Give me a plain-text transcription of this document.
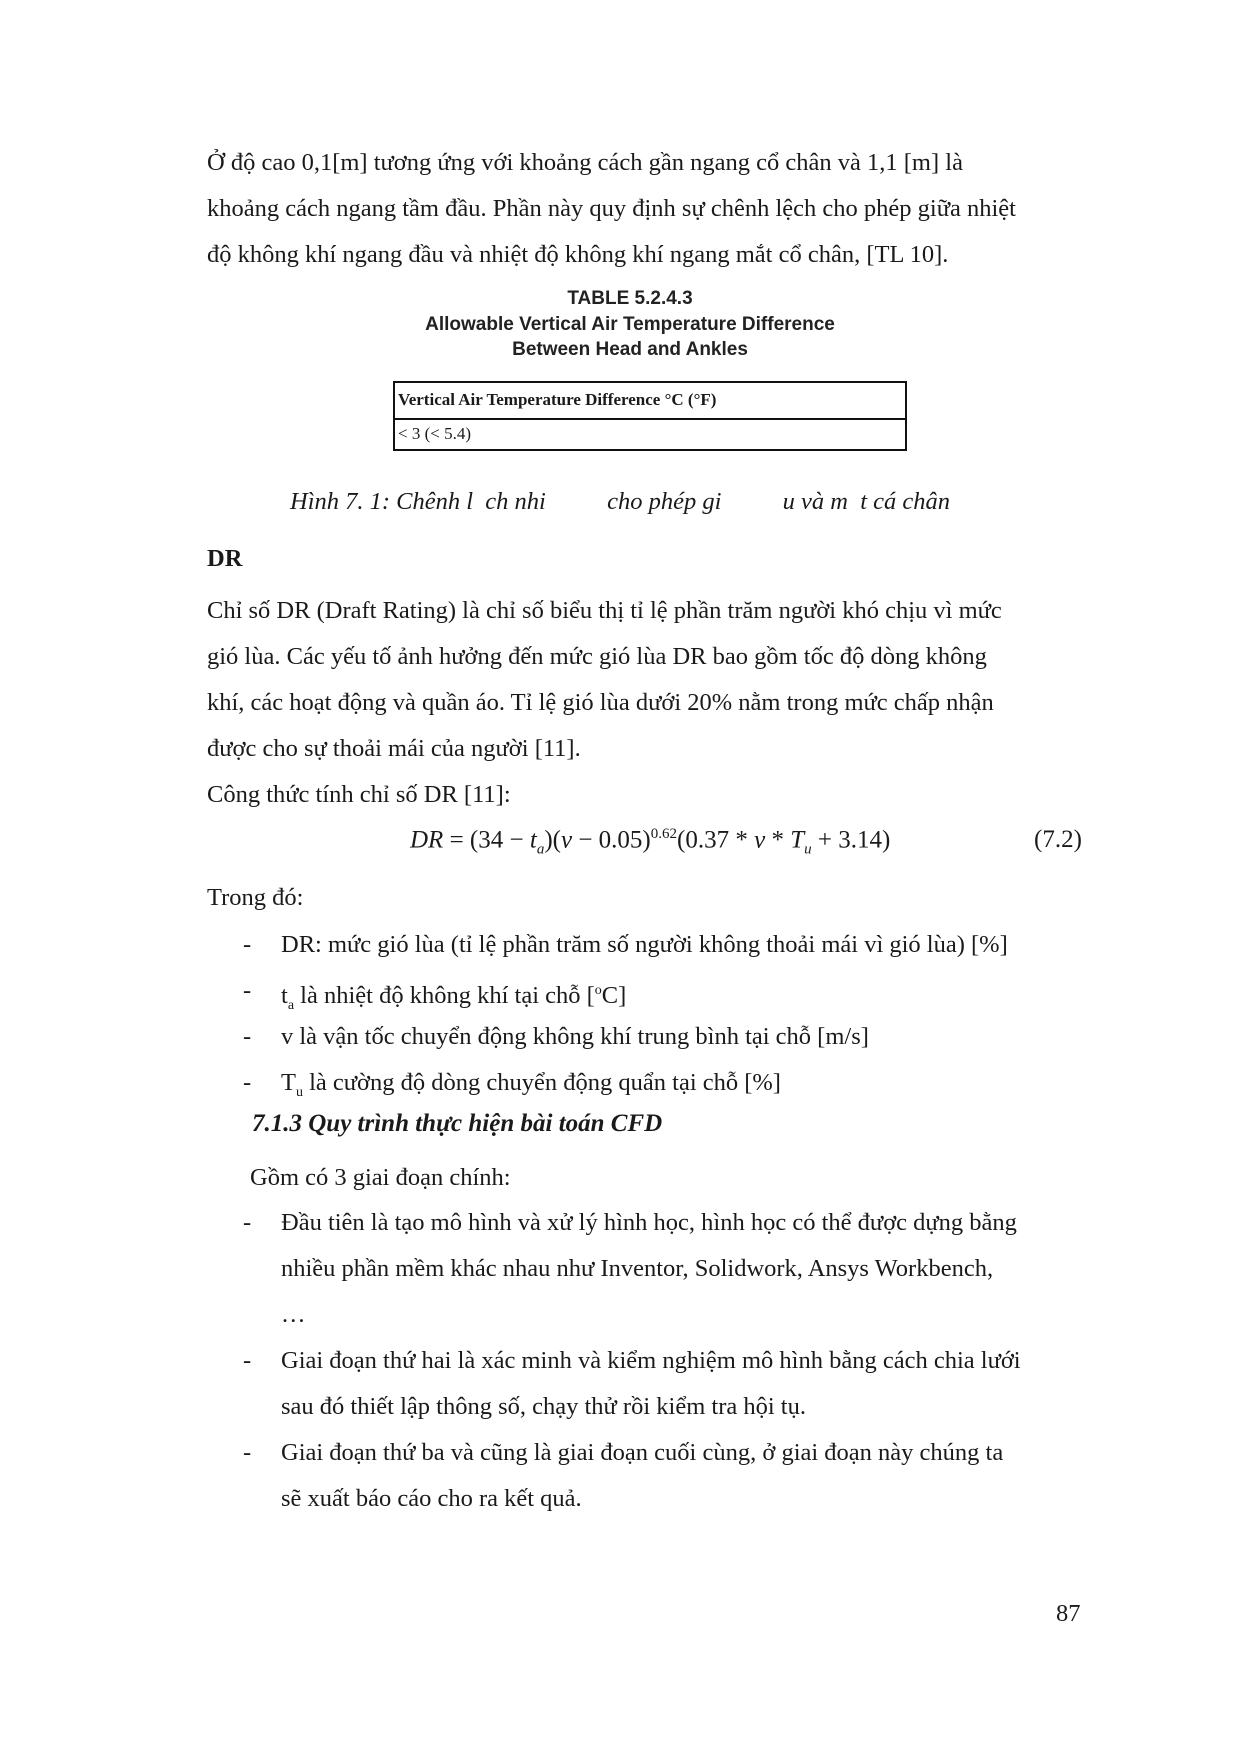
Ở độ cao 0,1[m] tương ứng với khoảng cách gần ngang cổ chân và 1,1 [m] là

khoảng cách ngang tầm đầu. Phần này quy định sự chênh lệch cho phép giữa nhiệt

độ không khí ngang đầu và nhiệt độ không khí ngang mắt cổ chân, [TL 10].

TABLE 5.2.4.3

Allowable Vertical Air Temperature Difference

Between Head and Ankles

Vertical Air Temperature Difference °C (°F)
< 3 (< 5.4)

Hình 7. 1: Chênh l  ch nhi          cho phép gi          u và m  t cá chân

DR

Chỉ số DR (Draft Rating) là chỉ số biểu thị tỉ lệ phần trăm người khó chịu vì mức

gió lùa. Các yếu tố ảnh hưởng đến mức gió lùa DR bao gồm tốc độ dòng không

khí, các hoạt động và quần áo. Tỉ lệ gió lùa dưới 20% nằm trong mức chấp nhận

được cho sự thoải mái của người [11].

Công thức tính chỉ số DR [11]:

DR = $(34 - t_a)(v - 0.05)^{0.62}(0.37 * v * T_u + 3.14)$	(7.2)

Trong đó:

- DR: mức gió lùa (tỉ lệ phần trăm số người không thoải mái vì gió lùa) [%]
- $t_a$ là nhiệt độ không khí tại chỗ [$^o$C]
- v là vận tốc chuyển động không khí trung bình tại chỗ [m/s]
- $T_u$ là cường độ dòng chuyển động quẩn tại chỗ [%]
7.1.3 Quy trình thực hiện bài toán CFD

Gồm có 3 giai đoạn chính:

- Đầu tiên là tạo mô hình và xử lý hình học, hình học có thể được dựng bằng
nhiều phần mềm khác nhau như Inventor, Solidwork, Ansys Workbench,
…
- Giai đoạn thứ hai là xác minh và kiểm nghiệm mô hình bằng cách chia lưới
sau đó thiết lập thông số, chạy thử rồi kiểm tra hội tụ.
- Giai đoạn thứ ba và cũng là giai đoạn cuối cùng, ở giai đoạn này chúng ta
sẽ xuất báo cáo cho ra kết quả.
87
